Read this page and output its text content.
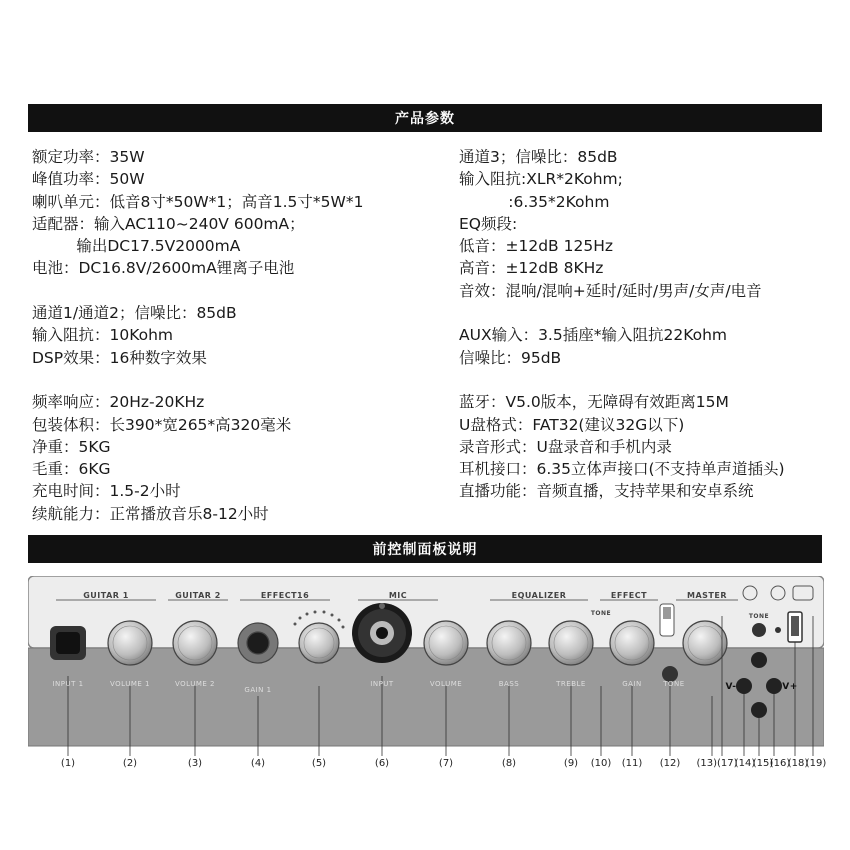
产品参数
额定功率：35W
峰值功率：50W
喇叭单元：低音8寸*50W*1；高音1.5寸*5W*1
适配器：输入AC110~240V 600mA；
输出DC17.5V2000mA
电池：DC16.8V/2600mA锂离子电池
通道1/通道2；信噪比：85dB
输入阻抗：10Kohm
DSP效果：16种数字效果
频率响应：20Hz-20KHz
包装体积：长390*宽265*高320毫米
净重：5KG
毛重：6KG
充电时间：1.5-2小时
续航能力：正常播放音乐8-12小时
通道3；信噪比：85dB
输入阻抗:XLR*2Kohm;
:6.35*2Kohm
EQ频段:
低音：±12dB 125Hz
高音：±12dB 8KHz
音效：混响/混响+延时/延时/男声/女声/电音
AUX输入：3.5插座*输入阻抗22Kohm
信噪比：95dB
蓝牙：V5.0版本，无障碍有效距离15M
U盘格式：FAT32(建议32G以下)
录音形式：U盘录音和手机内录
耳机接口：6.35立体声接口(不支持单声道插头)
直播功能：音频直播，支持苹果和安卓系统
前控制面板说明
GUITAR 1	GUITAR 2	EFFECT16	MIC	EQUALIZER	EFFECT	MASTER
TONE	TONE
INPUT 1	VOLUME 1	VOLUME 2
GAIN 1
INPUT	VOLUME	BASS	TREBLE	GAIN	TONE	V-	V+
(1)	(2)	(3)	(4)	(5)	(6)	(7)	(8)	(9) (10) (11) (12) (13)(17)
(14)
(15)
(16)
(18)
(19)
